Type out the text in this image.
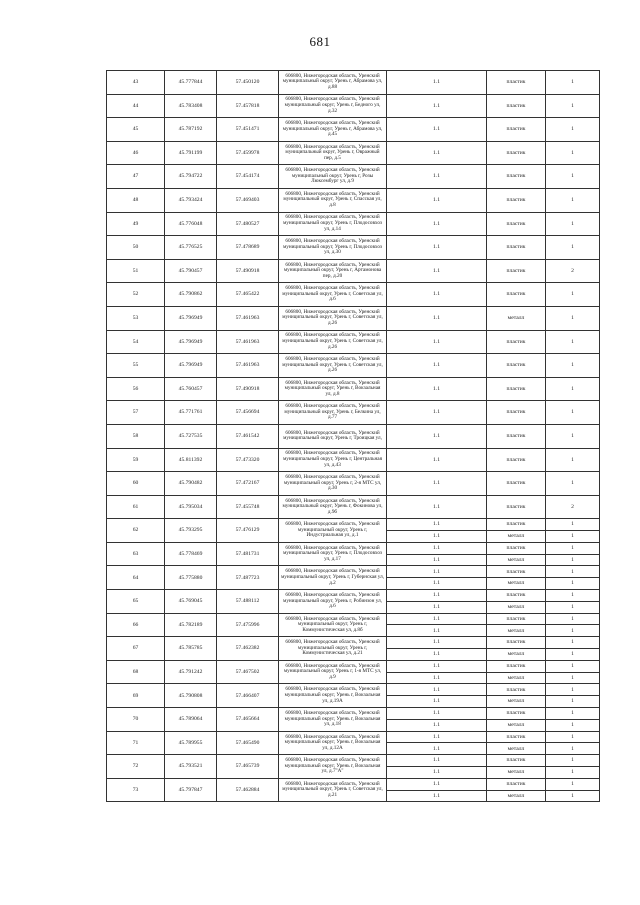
681
43	45.777844	57.450120	606800, Нижегородская область, Уренский муниципальный округ, Урень г, Абрамова ул, д.88	1.1	пластик	1
44	45.783408	57.457818	606800, Нижегородская область, Уренский муниципальный округ, Урень г, Бедного ул, д.32	1.1	пластик	1
45	45.787192	57.451471	606800, Нижегородская область, Уренский муниципальный округ, Урень г, Абрамова ул, д.45	1.1	пластик	1
46	45.791199	57.459978	606800, Нижегородская область, Уренский муниципальный округ, Урень г, Овражный пер, д.5	1.1	пластик	1
47	45.794722	57.454174	606800, Нижегородская область, Уренский муниципальный округ, Урень г, Розы Люксембург ул, д.9	1.1	пластик	1
48	45.793424	57.469403	606800, Нижегородская область, Уренский муниципальный округ, Урень г, Спасская ул, д.8	1.1	пластик	1
49	45.776048	57.480527	606800, Нижегородская область, Уренский муниципальный округ, Урень г, Плодосовхоз ул, д.14	1.1	пластик	1
50	45.776525	57.478689	606800, Нижегородская область, Уренский муниципальный округ, Урень г, Плодосовхоз ул, д.30	1.1	пластик	1
51	45.790457	57.490918	606800, Нижегородская область, Уренский муниципальный округ, Урень г, Артамонова пер, д.20	1.1	пластик	2
52	45.790862	57.465422	606800, Нижегородская область, Уренский муниципальный округ, Урень г, Советская ул, д.6	1.1	пластик	1
53	45.796949	57.461963	606800, Нижегородская область, Уренский муниципальный округ, Урень г, Советская ул, д.26	1.1	металл	1
54	45.796949	57.461963	606800, Нижегородская область, Уренский муниципальный округ, Урень г, Советская ул, д.26	1.1	пластик	1
55	45.796949	57.461963	606800, Нижегородская область, Уренский муниципальный округ, Урень г, Советская ул, д.26	1.1	пластик	1
56	45.760457	57.490918	606800, Нижегородская область, Уренский муниципальный округ, Урень г, Вокзальная ул, д.8	1.1	пластик	1
57	45.771761	57.456694	606800, Нижегородская область, Уренский муниципальный округ, Урень г, Белкина ул, д.77	1.1	пластик	1
58	45.727535	57.461542	606800, Нижегородская область, Уренский муниципальный округ, Урень г, Троицкая ул,	1.1	пластик	1
59	45.811392	57.473320	606800, Нижегородская область, Уренский муниципальный округ, Урень г, Центральная ул, д.43	1.1	пластик	1
60	45.790482	57.472167	606800, Нижегородская область, Уренский муниципальный округ, Урень г, 2-я МТС ул, д.30	1.1	пластик	1
61	45.795034	57.455748	606800, Нижегородская область, Уренский муниципальный округ, Урень г, Фокинова ул, д.9б	1.1	пластик	2
62	45.793295	57.476129	606800, Нижегородская область, Уренский муниципальный округ, Урень г, Индустриальная ул, д.1	1.1	пластик	1
				1.1	металл	1
63	45.778469	57.481731	606800, Нижегородская область, Уренский муниципальный округ, Урень г, Плодосовхоз ул, д.17	1.1	пластик	1
				1.1	металл	1
64	45.775880	57.487723	606800, Нижегородская область, Уренский муниципальный округ, Урень г, Губернская ул, д.2	1.1	пластик	1
				1.1	металл	1
65	45.769045	57.488112	606800, Нижегородская область, Уренский муниципальный округ, Урень г, Робинзон ул, д.6	1.1	пластик	1
				1.1	металл	1
66	45.782189	57.475996	606800, Нижегородская область, Уренский муниципальный округ, Урень г, Коммунистическая ул, д.8б	1.1	пластик	1
				1.1	металл	1
67	45.785785	57.462382	606800, Нижегородская область, Уренский муниципальный округ, Урень г, Коммунистическая ул, д.21	1.1	пластик	1
				1.1	металл	1
68	45.791242	57.467502	606800, Нижегородская область, Уренский муниципальный округ, Урень г, 1-я МТС ул, д.9	1.1	пластик	1
				1.1	металл	1
69	45.790808	57.466407	606800, Нижегородская область, Уренский муниципальный округ, Урень г, Вокзальная ул, д.19А	1.1	пластик	1
				1.1	металл	1
70	45.789064	57.465664	606800, Нижегородская область, Уренский муниципальный округ, Урень г, Вокзальная ул, д.18	1.1	пластик	1
				1.1	металл	1
71	45.789955	57.465490	606800, Нижегородская область, Уренский муниципальный округ, Урень г, Вокзальная ул, д.12А	1.1	пластик	1
				1.1	металл	1
72	45.793521	57.465739	606800, Нижегородская область, Уренский муниципальный округ, Урень г, Вокзальная ул, д.7"А"	1.1	пластик	1
				1.1	металл	1
73	45.797847	57.462884	606800, Нижегородская область, Уренский муниципальный округ, Урень г, Советская ул, д.21	1.1	пластик	1
				1.1	металл	1
